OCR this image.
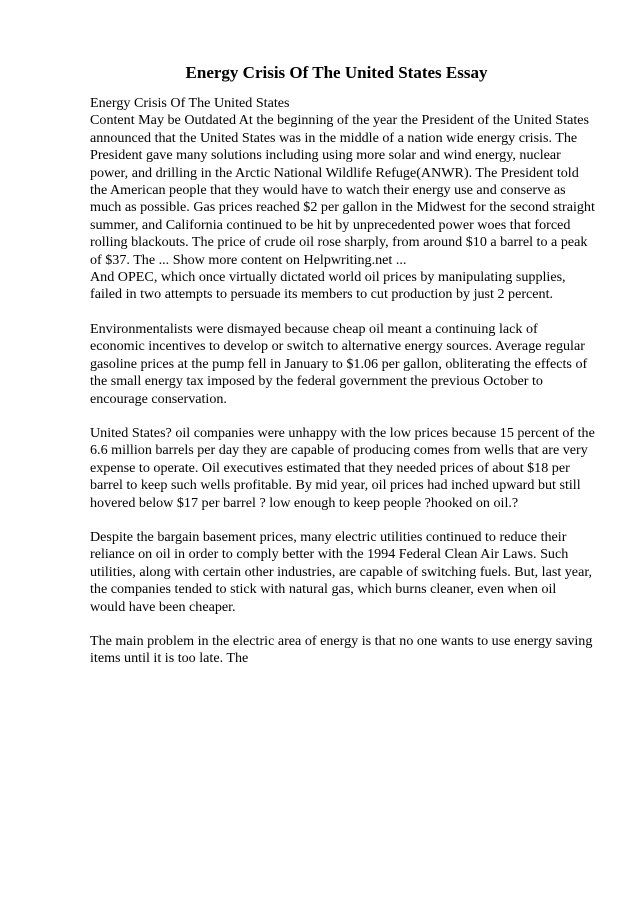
Energy Crisis Of The United States Essay

Energy Crisis Of The United States

Content May be Outdated At the beginning of the year the President of the United States announced that the United States was in the middle of a nation wide energy crisis. The President gave many solutions including using more solar and wind energy, nuclear power, and drilling in the Arctic National Wildlife Refuge(ANWR). The President told the American people that they would have to watch their energy use and conserve as much as possible. Gas prices reached $2 per gallon in the Midwest for the second straight summer, and California continued to be hit by unprecedented power woes that forced rolling blackouts. The price of crude oil rose sharply, from around $10 a barrel to a peak of $37. The ... Show more content on Helpwriting.net ...

And OPEC, which once virtually dictated world oil prices by manipulating supplies, failed in two attempts to persuade its members to cut production by just 2 percent.

Environmentalists were dismayed because cheap oil meant a continuing lack of economic incentives to develop or switch to alternative energy sources. Average regular gasoline prices at the pump fell in January to $1.06 per gallon, obliterating the effects of the small energy tax imposed by the federal government the previous October to encourage conservation.

United States? oil companies were unhappy with the low prices because 15 percent of the 6.6 million barrels per day they are capable of producing comes from wells that are very expense to operate. Oil executives estimated that they needed prices of about $18 per barrel to keep such wells profitable. By mid year, oil prices had inched upward but still hovered below $17 per barrel ? low enough to keep people ?hooked on oil.?

Despite the bargain basement prices, many electric utilities continued to reduce their reliance on oil in order to comply better with the 1994 Federal Clean Air Laws. Such utilities, along with certain other industries, are capable of switching fuels. But, last year, the companies tended to stick with natural gas, which burns cleaner, even when oil would have been cheaper.

The main problem in the electric area of energy is that no one wants to use energy saving items until it is too late. The
